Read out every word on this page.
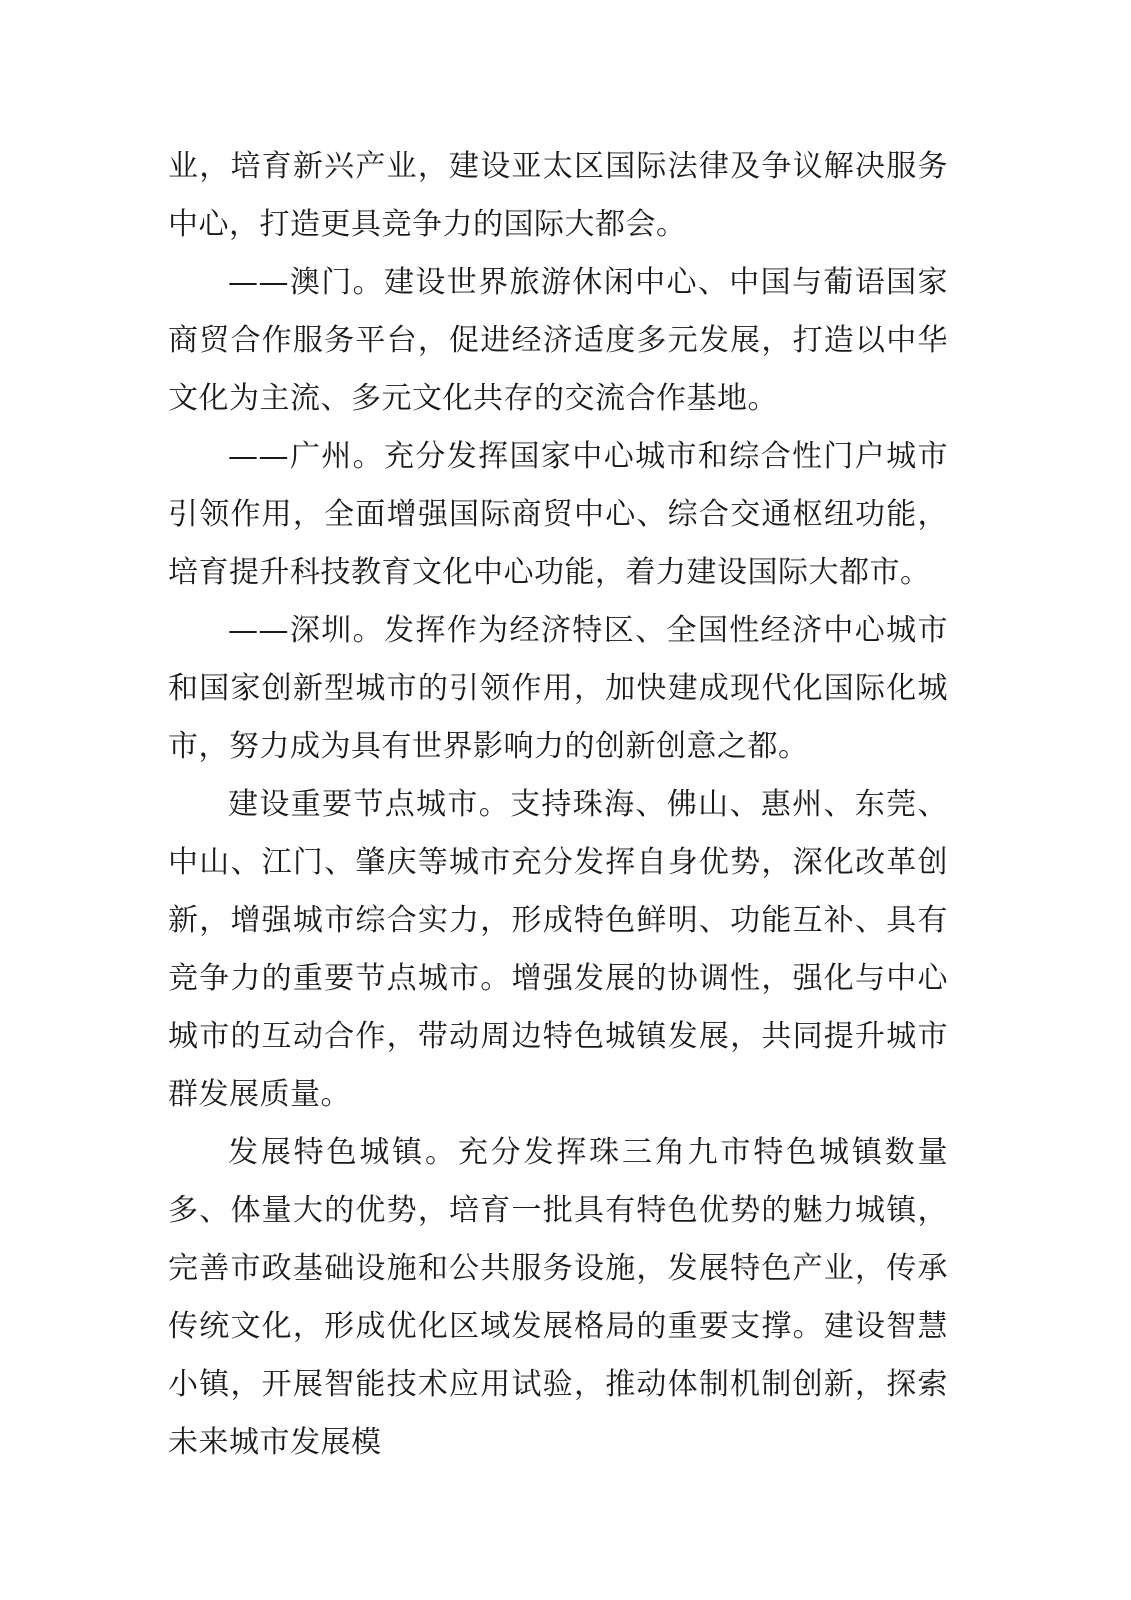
业，培育新兴产业，建设亚太区国际法律及争议解决服务中心，打造更具竞争力的国际大都会。

——澳门。建设世界旅游休闲中心、中国与葡语国家商贸合作服务平台，促进经济适度多元发展，打造以中华文化为主流、多元文化共存的交流合作基地。

——广州。充分发挥国家中心城市和综合性门户城市引领作用，全面增强国际商贸中心、综合交通枢纽功能，培育提升科技教育文化中心功能，着力建设国际大都市。

——深圳。发挥作为经济特区、全国性经济中心城市和国家创新型城市的引领作用，加快建成现代化国际化城市，努力成为具有世界影响力的创新创意之都。

建设重要节点城市。支持珠海、佛山、惠州、东莞、中山、江门、肇庆等城市充分发挥自身优势，深化改革创新，增强城市综合实力，形成特色鲜明、功能互补、具有竞争力的重要节点城市。增强发展的协调性，强化与中心城市的互动合作，带动周边特色城镇发展，共同提升城市群发展质量。

发展特色城镇。充分发挥珠三角九市特色城镇数量多、体量大的优势，培育一批具有特色优势的魅力城镇，完善市政基础设施和公共服务设施，发展特色产业，传承传统文化，形成优化区域发展格局的重要支撑。建设智慧小镇，开展智能技术应用试验，推动体制机制创新，探索未来城市发展模
